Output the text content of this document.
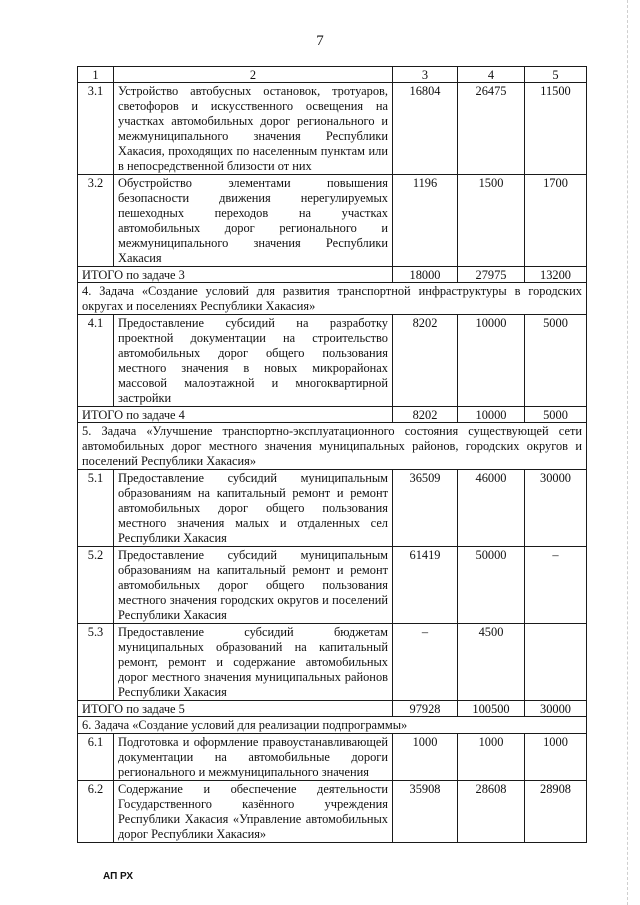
7
1	2	3	4	5
3.1	Устройство автобусных остановок, тротуаров, светофоров и искусственного освещения на участках автомобильных дорог регионального и межмуниципального значения Республики Хакасия, проходящих по населенным пунктам или в непосредственной близости от них	16804	26475	11500
3.2	Обустройство элементами повышения безопасности движения нерегулируемых пешеходных переходов на участках автомобильных дорог регионального и межмуниципального значения Республики Хакасия	1196	1500	1700
ИТОГО по задаче 3		18000	27975	13200
4. Задача «Создание условий для развития транспортной инфраструктуры в городских округах и поселениях Республики Хакасия»				
4.1	Предоставление субсидий на разработку проектной документации на строительство автомобильных дорог общего пользования местного значения в новых микрорайонах массовой малоэтажной и многоквартирной застройки	8202	10000	5000
ИТОГО по задаче 4		8202	10000	5000
5. Задача «Улучшение транспортно-эксплуатационного состояния существующей сети автомобильных дорог местного значения муниципальных районов, городских округов и поселений Республики Хакасия»				
5.1	Предоставление субсидий муниципальным образованиям на капитальный ремонт и ремонт автомобильных дорог общего пользования местного значения малых и отдаленных сел Республики Хакасия	36509	46000	30000
5.2	Предоставление субсидий муниципальным образованиям на капитальный ремонт и ремонт автомобильных дорог общего пользования местного значения городских округов и поселений Республики Хакасия	61419	50000	–
5.3	Предоставление субсидий бюджетам муниципальных образований на капитальный ремонт, ремонт и содержание автомобильных дорог местного значения муниципальных районов Республики Хакасия	–	4500	
ИТОГО по задаче 5		97928	100500	30000
6. Задача «Создание условий для реализации подпрограммы»				
6.1	Подготовка и оформление правоустанавливающей документации на автомобильные дороги регионального и межмуниципального значения	1000	1000	1000
6.2	Содержание и обеспечение деятельности Государственного казённого учреждения Республики Хакасия «Управление автомобильных дорог Республики Хакасия»	35908	28608	28908
АП РХ
